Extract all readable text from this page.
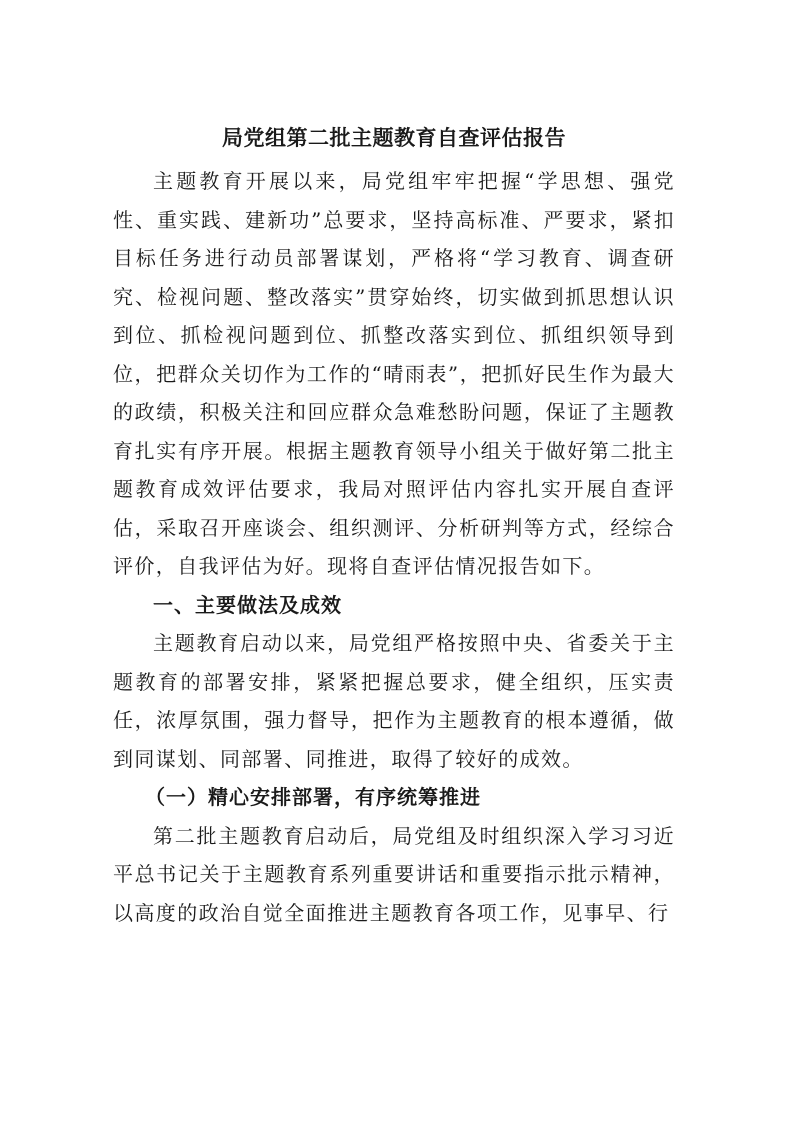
局党组第二批主题教育自查评估报告

主题教育开展以来，局党组牢牢把握“学思想、强党性、重实践、建新功”总要求，坚持高标准、严要求，紧扣目标任务进行动员部署谋划，严格将“学习教育、调查研究、检视问题、整改落实”贯穿始终，切实做到抓思想认识到位、抓检视问题到位、抓整改落实到位、抓组织领导到位，把群众关切作为工作的“晴雨表”，把抓好民生作为最大的政绩，积极关注和回应群众急难愁盼问题，保证了主题教育扎实有序开展。根据主题教育领导小组关于做好第二批主题教育成效评估要求，我局对照评估内容扎实开展自查评估，采取召开座谈会、组织测评、分析研判等方式，经综合评价，自我评估为好。现将自查评估情况报告如下。

一、主要做法及成效

主题教育启动以来，局党组严格按照中央、省委关于主题教育的部署安排，紧紧把握总要求，健全组织，压实责任，浓厚氛围，强力督导，把作为主题教育的根本遵循，做到同谋划、同部署、同推进，取得了较好的成效。

（一）精心安排部署，有序统筹推进

第二批主题教育启动后，局党组及时组织深入学习习近平总书记关于主题教育系列重要讲话和重要指示批示精神，以高度的政治自觉全面推进主题教育各项工作，见事早、行
